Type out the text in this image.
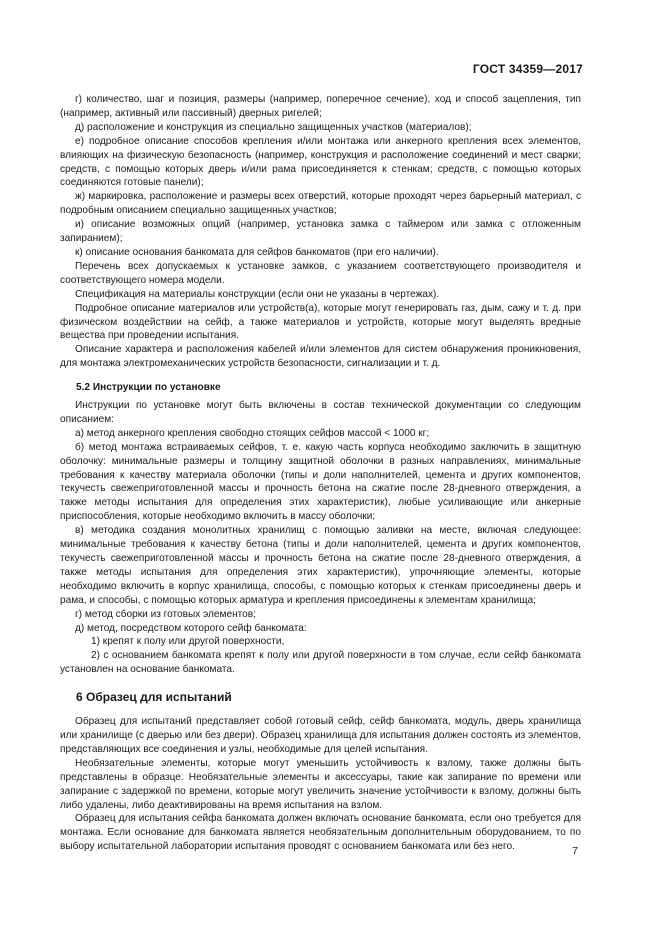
ГОСТ 34359—2017

г) количество, шаг и позиция, размеры (например, поперечное сечение), ход и способ зацепления, тип (например, активный или пассивный) дверных ригелей;

д) расположение и конструкция из специально защищенных участков (материалов);

е) подробное описание способов крепления и/или монтажа или анкерного крепления всех элементов, влияющих на физическую безопасность (например, конструкция и расположение соединений и мест сварки; средств, с помощью которых дверь и/или рама присоединяется к стенкам; средств, с помощью которых соединяются готовые панели);

ж) маркировка, расположение и размеры всех отверстий, которые проходят через барьерный материал, с подробным описанием специально защищенных участков;

и) описание возможных опций (например, установка замка с таймером или замка с отложенным запиранием);

к) описание основания банкомата для сейфов банкоматов (при его наличии).

Перечень всех допускаемых к установке замков, с указанием соответствующего производителя и соответствующего номера модели.

Спецификация на материалы конструкции (если они не указаны в чертежах).

Подробное описание материалов или устройств(а), которые могут генерировать газ, дым, сажу и т. д. при физическом воздействии на сейф, а также материалов и устройств, которые могут выделять вредные вещества при проведении испытания.

Описание характера и расположения кабелей и/или элементов для систем обнаружения проникновения, для монтажа электромеханических устройств безопасности, сигнализации и т. д.

5.2 Инструкции по установке

Инструкции по установке могут быть включены в состав технической документации со следующим описанием:

а) метод анкерного крепления свободно стоящих сейфов массой < 1000 кг;

б) метод монтажа встраиваемых сейфов, т. е. какую часть корпуса необходимо заключить в защитную оболочку: минимальные размеры и толщину защитной оболочки в разных направлениях, минимальные требования к качеству материала оболочки (типы и доли наполнителей, цемента и других компонентов, текучесть свежеприготовленной массы и прочность бетона на сжатие после 28-дневного отверждения, а также методы испытания для определения этих характеристик), любые усиливающие или анкерные приспособления, которые необходимо включить в массу оболочки;

в) методика создания монолитных хранилищ с помощью заливки на месте, включая следующее: минимальные требования к качеству бетона (типы и доли наполнителей, цемента и других компонентов, текучесть свежеприготовленной массы и прочность бетона на сжатие после 28-дневного отверждения, а также методы испытания для определения этих характеристик), упрочняющие элементы, которые необходимо включить в корпус хранилища, способы, с помощью которых к стенкам присоединены дверь и рама, и способы, с помощью которых арматура и крепления присоединены к элементам хранилища;

г) метод сборки из готовых элементов;

д) метод, посредством которого сейф банкомата:

1) крепят к полу или другой поверхности,

2) с основанием банкомата крепят к полу или другой поверхности в том случае, если сейф банкомата установлен на основание банкомата.

6 Образец для испытаний

Образец для испытаний представляет собой готовый сейф, сейф банкомата, модуль, дверь хранилища или хранилище (с дверью или без двери). Образец хранилища для испытания должен состоять из элементов, представляющих все соединения и узлы, необходимые для целей испытания.

Необязательные элементы, которые могут уменьшить устойчивость к взлому, также должны быть представлены в образце. Необязательные элементы и аксессуары, такие как запирание по времени или запирание с задержкой по времени, которые могут увеличить значение устойчивости к взлому, должны быть либо удалены, либо деактивированы на время испытания на взлом.

Образец для испытания сейфа банкомата должен включать основание банкомата, если оно требуется для монтажа. Если основание для банкомата является необязательным дополнительным оборудованием, то по выбору испытательной лаборатории испытания проводят с основанием банкомата или без него.	7
